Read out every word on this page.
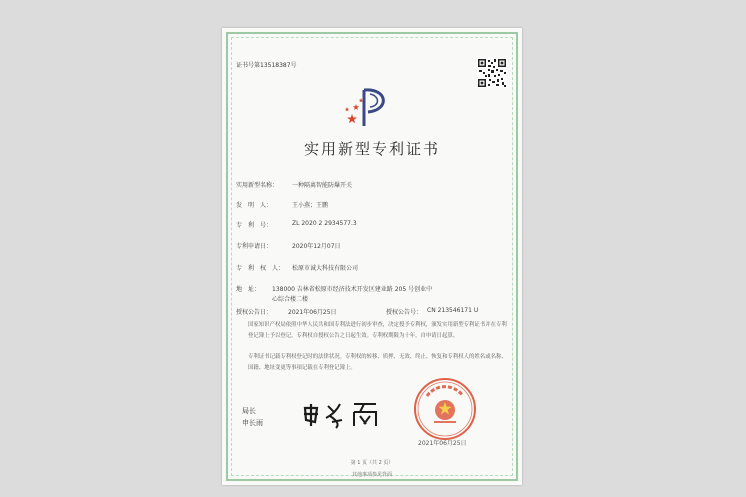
证书号第13518387号
实用新型专利证书
实用新型名称： 一种隔离智能防爆开关
发　明　人：	王小燕；王鹏
专　利　号：	ZL 2020 2 2934577.3
专利申请日：	2020年12月07日
专　利　权　人： 松原市诚大科技有限公司
地　址： 138000 吉林省松原市经济技术开发区建业路 205 号创业中
心综合楼二楼
授权公告日：	2021年06月25日	授权公告号： CN 213546171 U
国家知识产权局依照中华人民共和国专利法进行初步审查，决定授予专利权，颁发实用新型专利证书并在专利登记簿上予以登记。专利权自授权公告之日起生效。专利权期限为十年，自申请日起算。
专利证书记载专利权登记时的法律状况。专利权的转移、质押、无效、终止、恢复和专利权人的姓名或名称、国籍、地址变更等事项记载在专利登记簿上。
局长
申长雨
2021年06月25日
第 1 页（共 2 页）
其他事项参见背面
